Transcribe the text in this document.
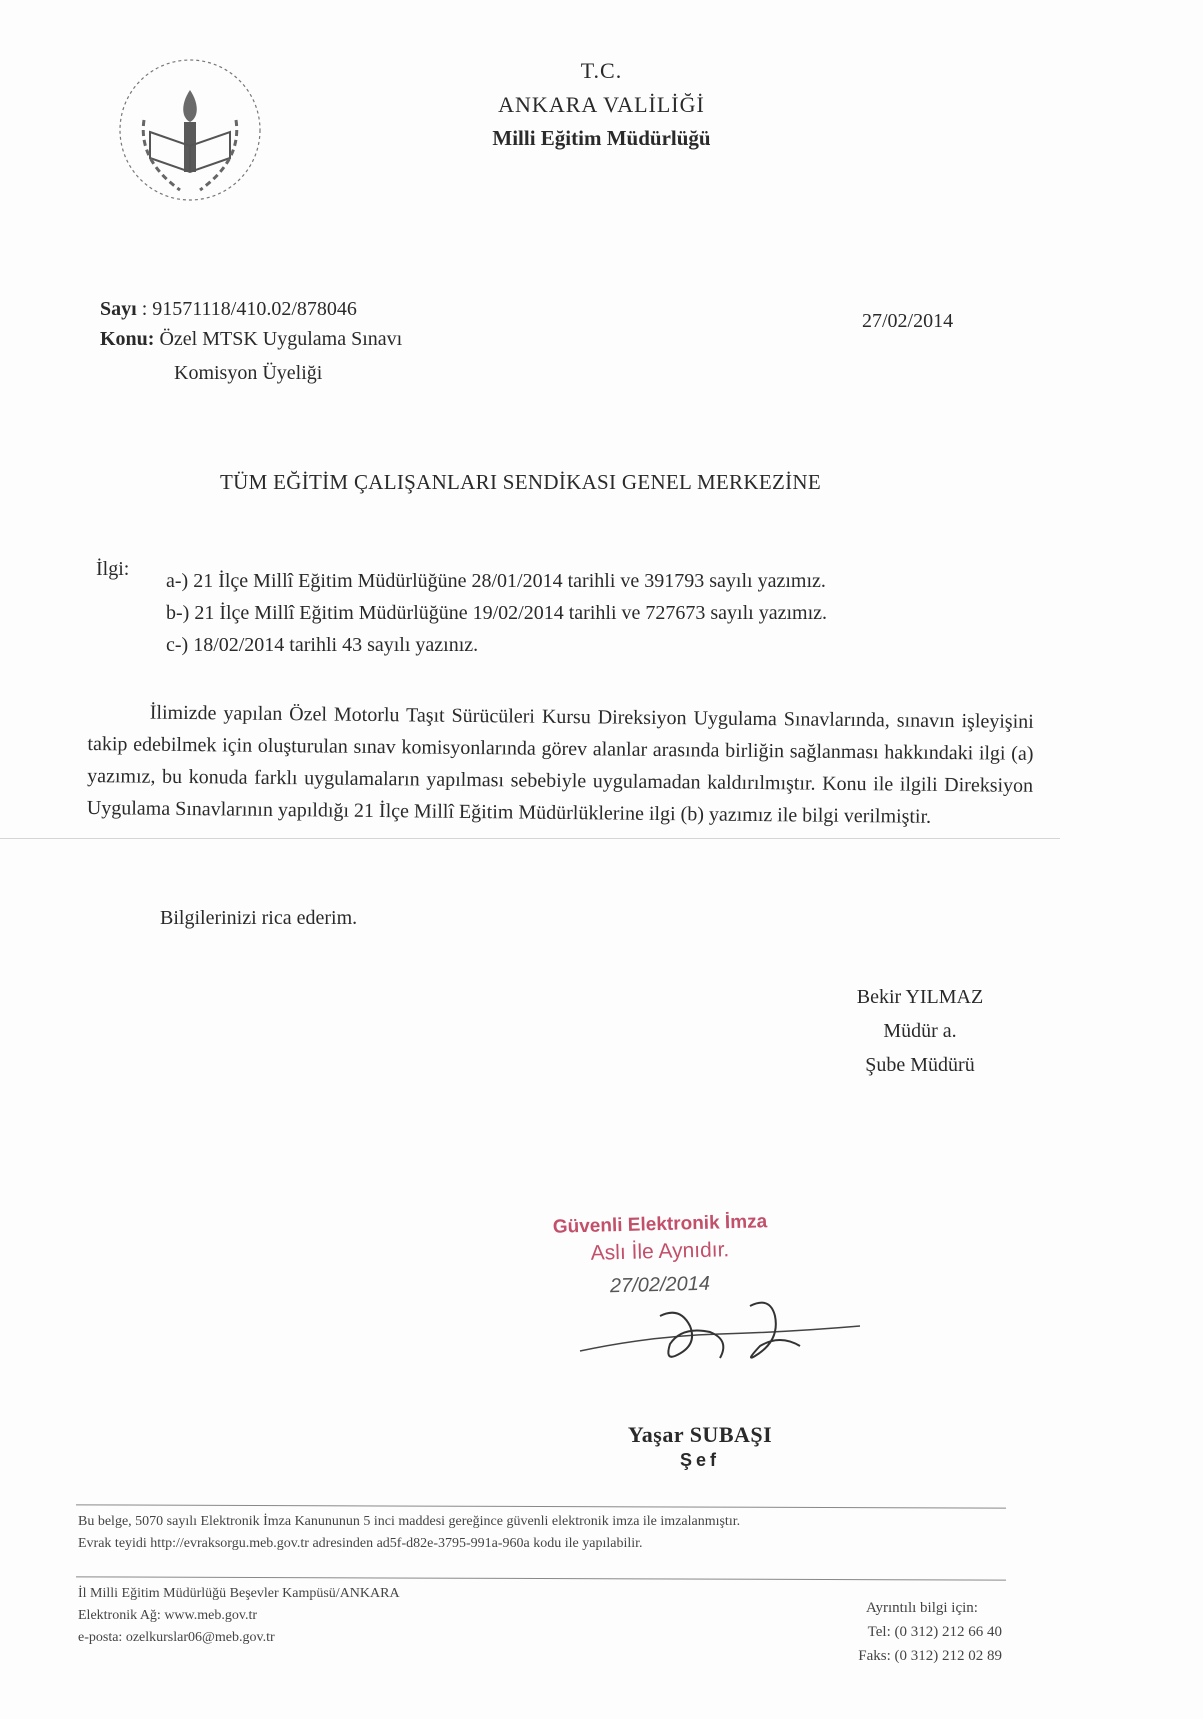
T.C.
ANKARA VALİLİĞİ
Milli Eğitim Müdürlüğü
Sayı : 91571118/410.02/878046
Konu: Özel MTSK Uygulama Sınavı
Komisyon Üyeliği
27/02/2014
TÜM EĞİTİM ÇALIŞANLARI SENDİKASI GENEL MERKEZİNE
İlgi:
a-) 21 İlçe Millî Eğitim Müdürlüğüne 28/01/2014 tarihli ve 391793 sayılı yazımız.
b-) 21 İlçe Millî Eğitim Müdürlüğüne 19/02/2014 tarihli ve 727673 sayılı yazımız.
c-) 18/02/2014 tarihli 43 sayılı yazınız.
İlimizde yapılan Özel Motorlu Taşıt Sürücüleri Kursu Direksiyon Uygulama Sınavlarında, sınavın işleyişini takip edebilmek için oluşturulan sınav komisyonlarında görev alanlar arasında birliğin sağlanması hakkındaki ilgi (a) yazımız, bu konuda farklı uygulamaların yapılması sebebiyle uygulamadan kaldırılmıştır. Konu ile ilgili Direksiyon Uygulama Sınavlarının yapıldığı 21 İlçe Millî Eğitim Müdürlüklerine ilgi (b) yazımız ile bilgi verilmiştir.
Bilgilerinizi rica ederim.
Bekir YILMAZ
Müdür a.
Şube Müdürü
Güvenli Elektronik İmza
Aslı İle Aynıdır.
27/02/2014
Yaşar SUBAŞI
Şef
Bu belge, 5070 sayılı Elektronik İmza Kanununun 5 inci maddesi gereğince güvenli elektronik imza ile imzalanmıştır.
Evrak teyidi http://evraksorgu.meb.gov.tr adresinden ad5f-d82e-3795-991a-960a kodu ile yapılabilir.
İl Milli Eğitim Müdürlüğü Beşevler Kampüsü/ANKARA
Elektronik Ağ: www.meb.gov.tr
e-posta: ozelkurslar06@meb.gov.tr
Ayrıntılı bilgi için:
Tel: (0 312) 212 66 40
Faks: (0 312) 212 02 89
